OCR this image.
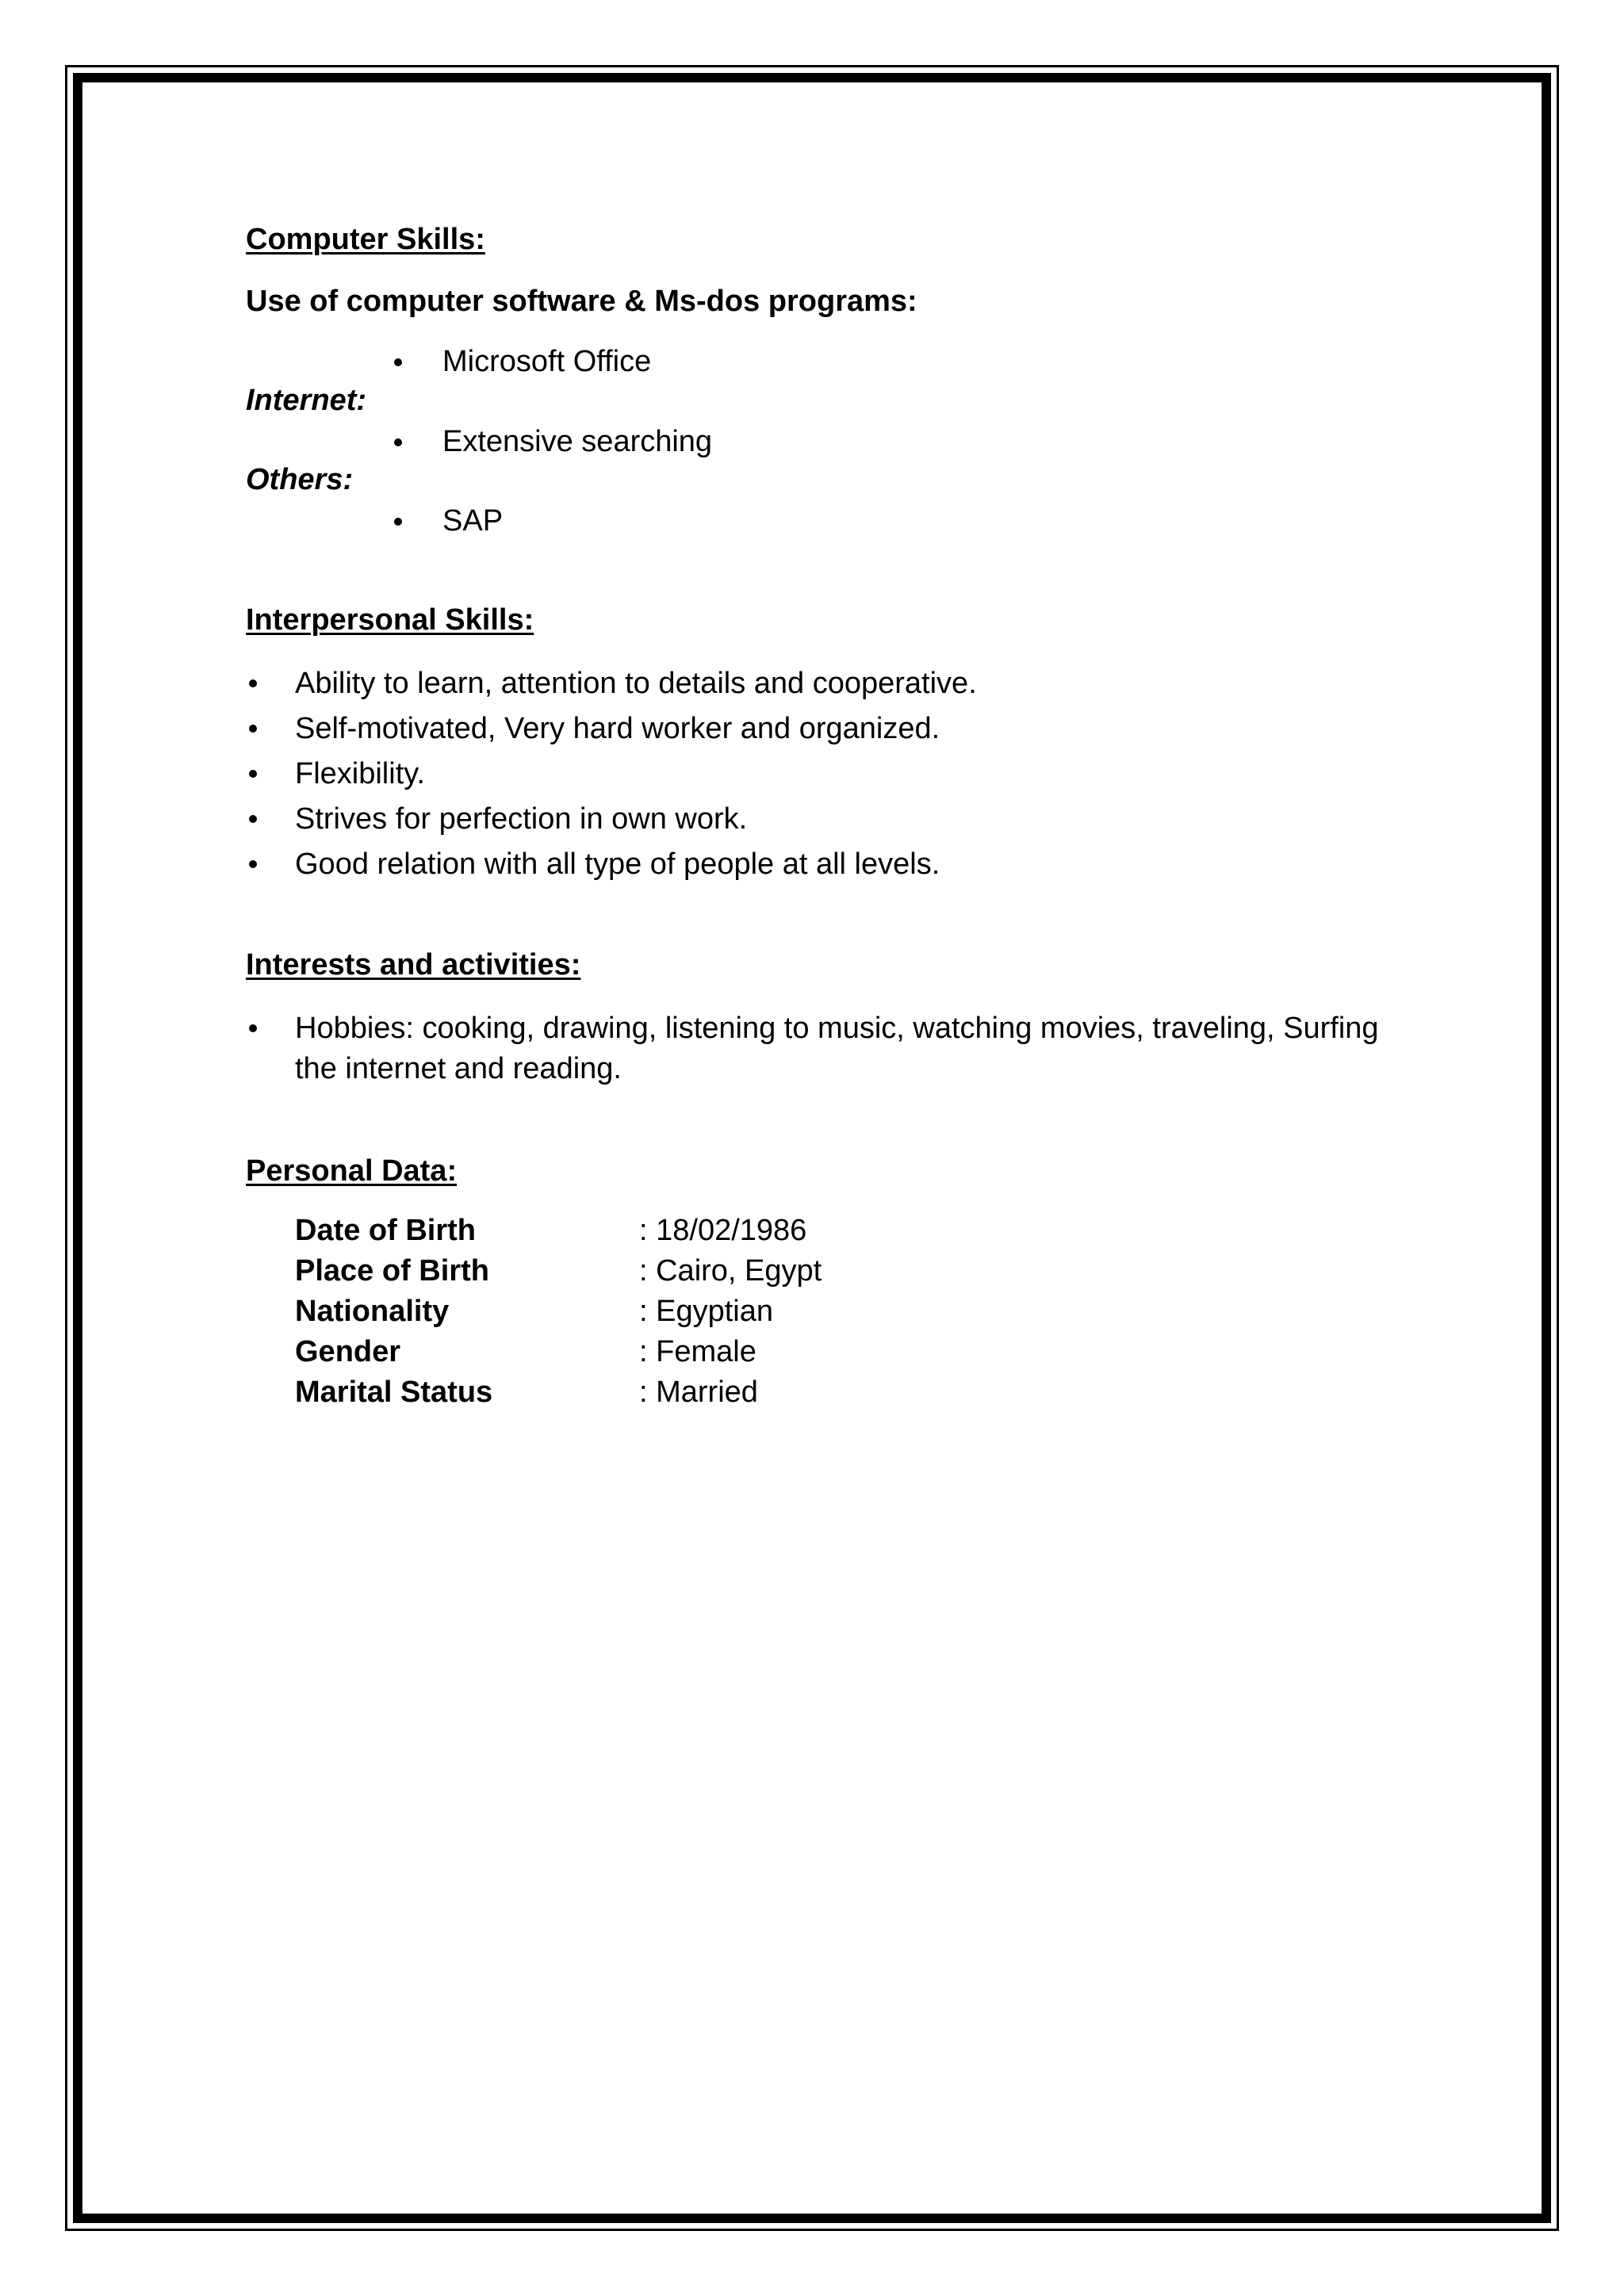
Computer Skills:
Use of computer software & Ms-dos programs:
Microsoft Office
Internet:
Extensive searching
Others:
SAP
Interpersonal Skills:
Ability to learn, attention to details and cooperative.
Self-motivated, Very hard worker and organized.
Flexibility.
Strives for perfection in own work.
Good relation with all type of people at all levels.
Interests and activities:
Hobbies: cooking, drawing, listening to music, watching movies, traveling, Surfing
the internet and reading.
Personal Data:
Date of Birth	: 18/02/1986
Place of Birth	: Cairo, Egypt
Nationality	: Egyptian
Gender	: Female
Marital Status	: Married
